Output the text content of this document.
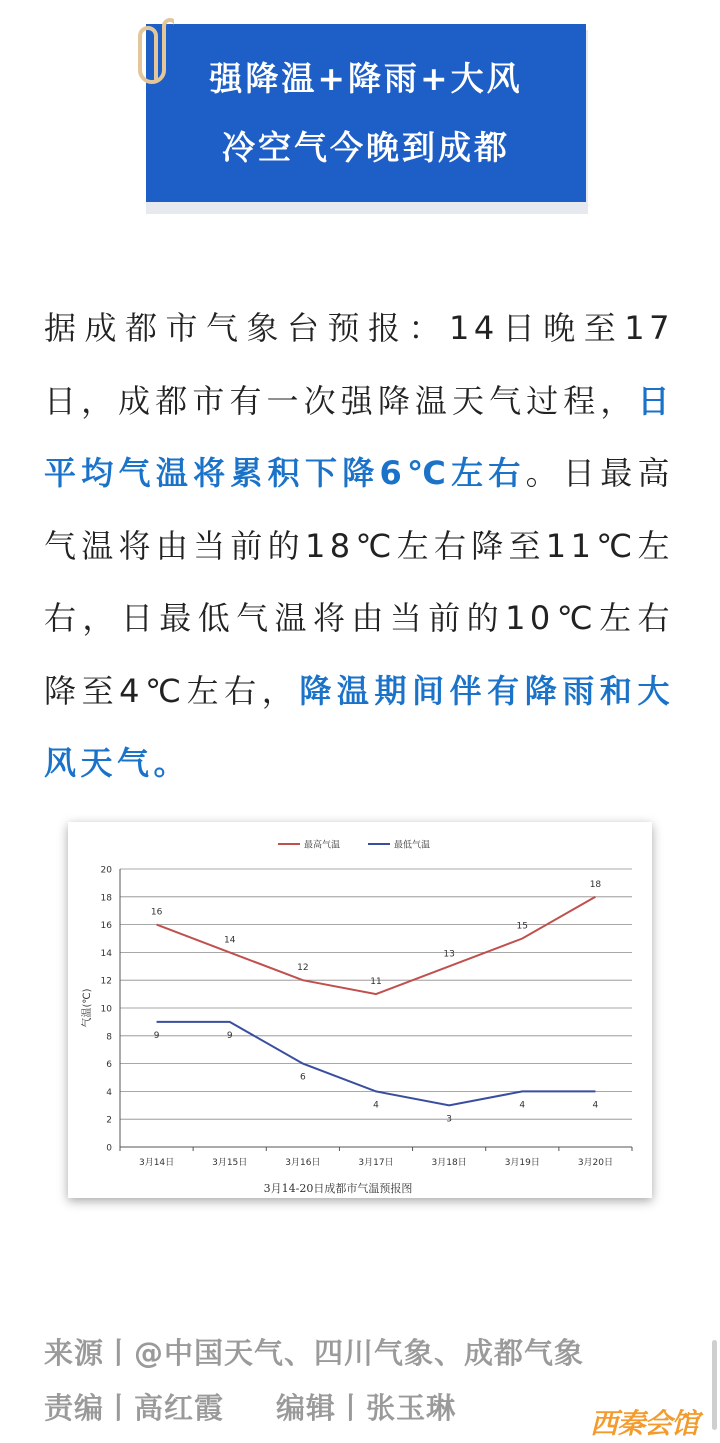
强降温+降雨+大风
冷空气今晚到成都
据成都市气象台预报：14日晚至17日，成都市有一次强降温天气过程，日平均气温将累积下降6℃左右。日最高气温将由当前的18℃左右降至11℃左右，日最低气温将由当前的10℃左右降至4℃左右，降温期间伴有降雨和大风天气。
0
2
4
6
8
10
12
14
16
18
20
3月14日	3月15日	3月16日	3月17日	3月18日	3月19日	3月20日
气温(℃)
16
14
12
11
13
15
18
9	9
6
4
3
4	4
最高气温	最低气温
3月14-20日成都市气温预报图
来源丨@中国天气、四川气象、成都气象
责编丨高红霞 编辑丨张玉琳	西秦会馆
